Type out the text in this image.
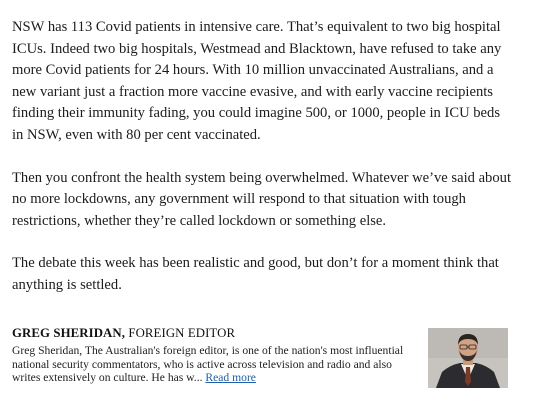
NSW has 113 Covid patients in intensive care. That’s equivalent to two big hospital ICUs. Indeed two big hospitals, Westmead and Blacktown, have refused to take any more Covid patients for 24 hours. With 10 million unvaccinated Australians, and a new variant just a fraction more vaccine evasive, and with early vaccine recipients finding their immunity fading, you could imagine 500, or 1000, people in ICU beds in NSW, even with 80 per cent vaccinated.

Then you confront the health system being overwhelmed. Whatever we’ve said about no more lockdowns, any government will respond to that situation with tough restrictions, whether they’re called lockdown or something else.

The debate this week has been realistic and good, but don’t for a moment think that anything is settled.

GREG SHERIDAN, FOREIGN EDITOR

Greg Sheridan, The Australian's foreign editor, is one of the nation's most influential national security commentators, who is active across television and radio and also writes extensively on culture. He has w... Read more
